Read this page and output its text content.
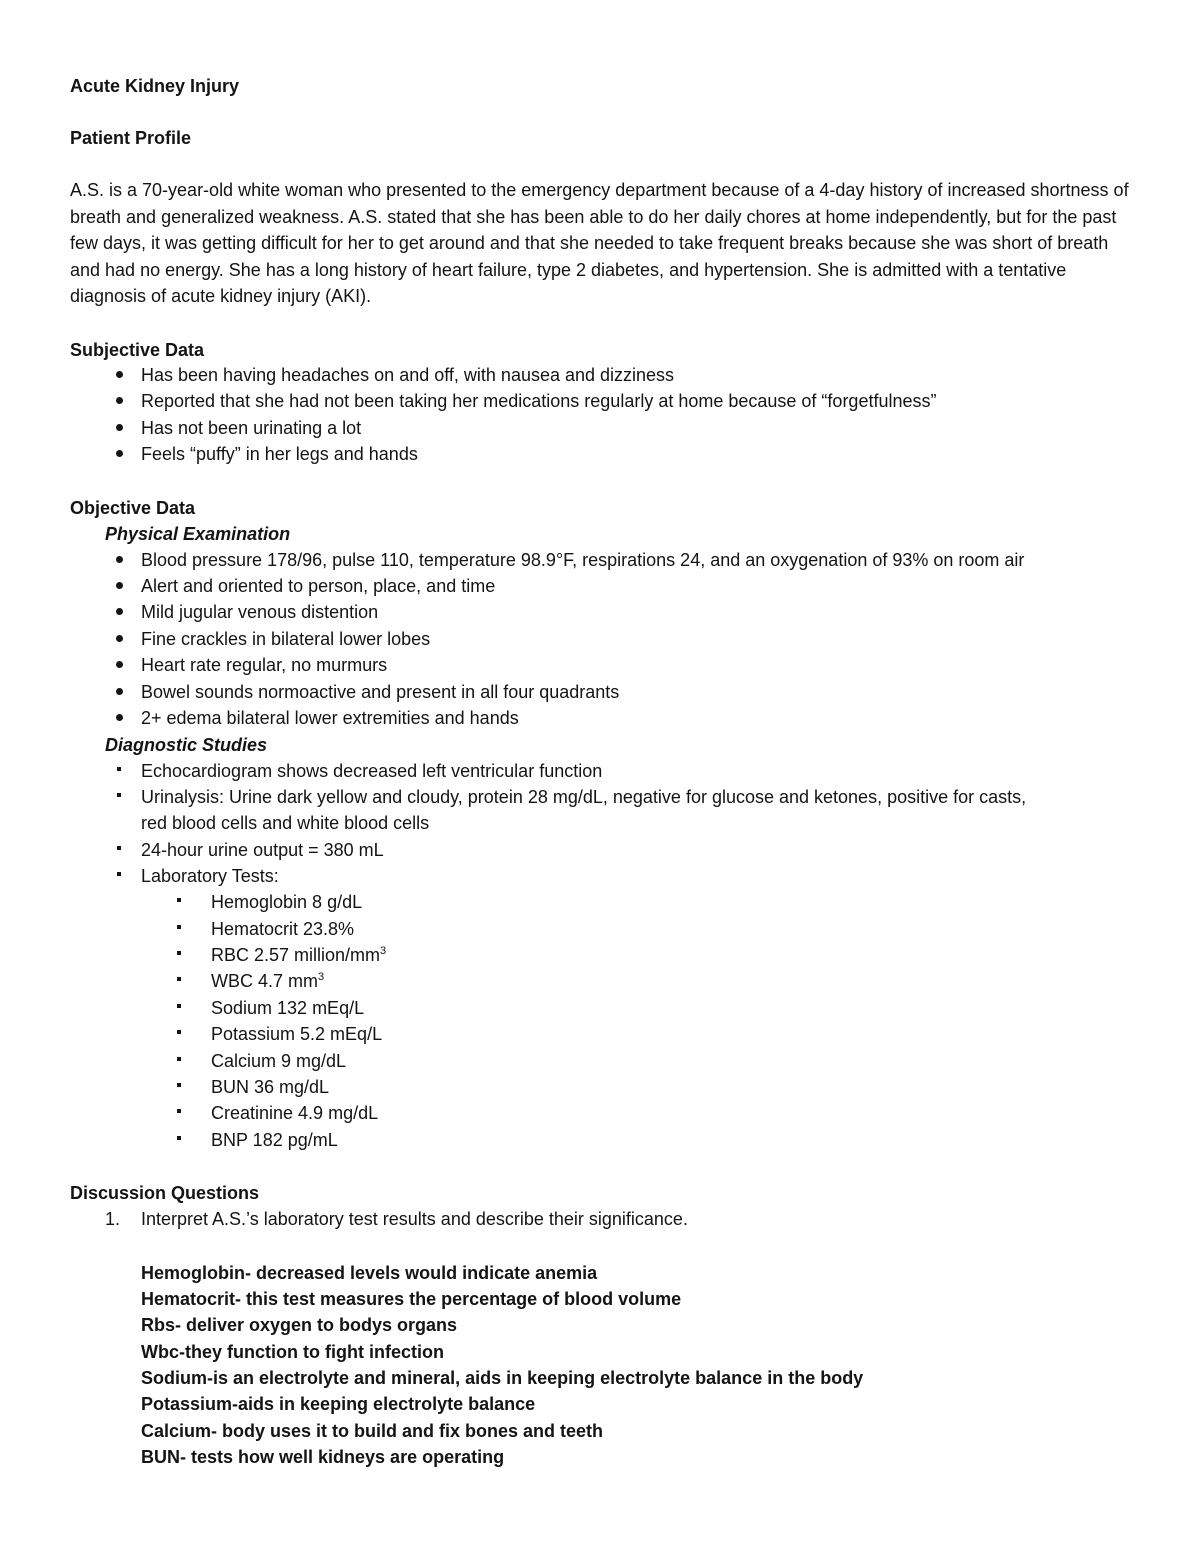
Acute Kidney Injury
Patient Profile
A.S. is a 70-year-old white woman who presented to the emergency department because of a 4-day history of increased shortness of breath and generalized weakness. A.S. stated that she has been able to do her daily chores at home independently, but for the past few days, it was getting difficult for her to get around and that she needed to take frequent breaks because she was short of breath and had no energy. She has a long history of heart failure, type 2 diabetes, and hypertension. She is admitted with a tentative diagnosis of acute kidney injury (AKI).
Subjective Data
Has been having headaches on and off, with nausea and dizziness
Reported that she had not been taking her medications regularly at home because of “forgetfulness”
Has not been urinating a lot
Feels “puffy” in her legs and hands
Objective Data
Physical Examination
Blood pressure 178/96, pulse 110, temperature 98.9°F, respirations 24, and an oxygenation of 93% on room air
Alert and oriented to person, place, and time
Mild jugular venous distention
Fine crackles in bilateral lower lobes
Heart rate regular, no murmurs
Bowel sounds normoactive and present in all four quadrants
2+ edema bilateral lower extremities and hands
Diagnostic Studies
Echocardiogram shows decreased left ventricular function
Urinalysis: Urine dark yellow and cloudy, protein 28 mg/dL, negative for glucose and ketones, positive for casts,
red blood cells and white blood cells
24-hour urine output = 380 mL
Laboratory Tests:
Hemoglobin 8 g/dL
Hematocrit 23.8%
RBC 2.57 million/$mm^3$
WBC 4.7 $mm^3$
Sodium 132 mEq/L
Potassium 5.2 mEq/L
Calcium 9 mg/dL
BUN 36 mg/dL
Creatinine 4.9 mg/dL
BNP 182 pg/mL
Discussion Questions
1. Interpret A.S.’s laboratory test results and describe their significance.
Hemoglobin- decreased levels would indicate anemia
Hematocrit- this test measures the percentage of blood volume
Rbs- deliver oxygen to bodys organs
Wbc-they function to fight infection
Sodium-is an electrolyte and mineral, aids in keeping electrolyte balance in the body
Potassium-aids in keeping electrolyte balance
Calcium- body uses it to build and fix bones and teeth
BUN- tests how well kidneys are operating
